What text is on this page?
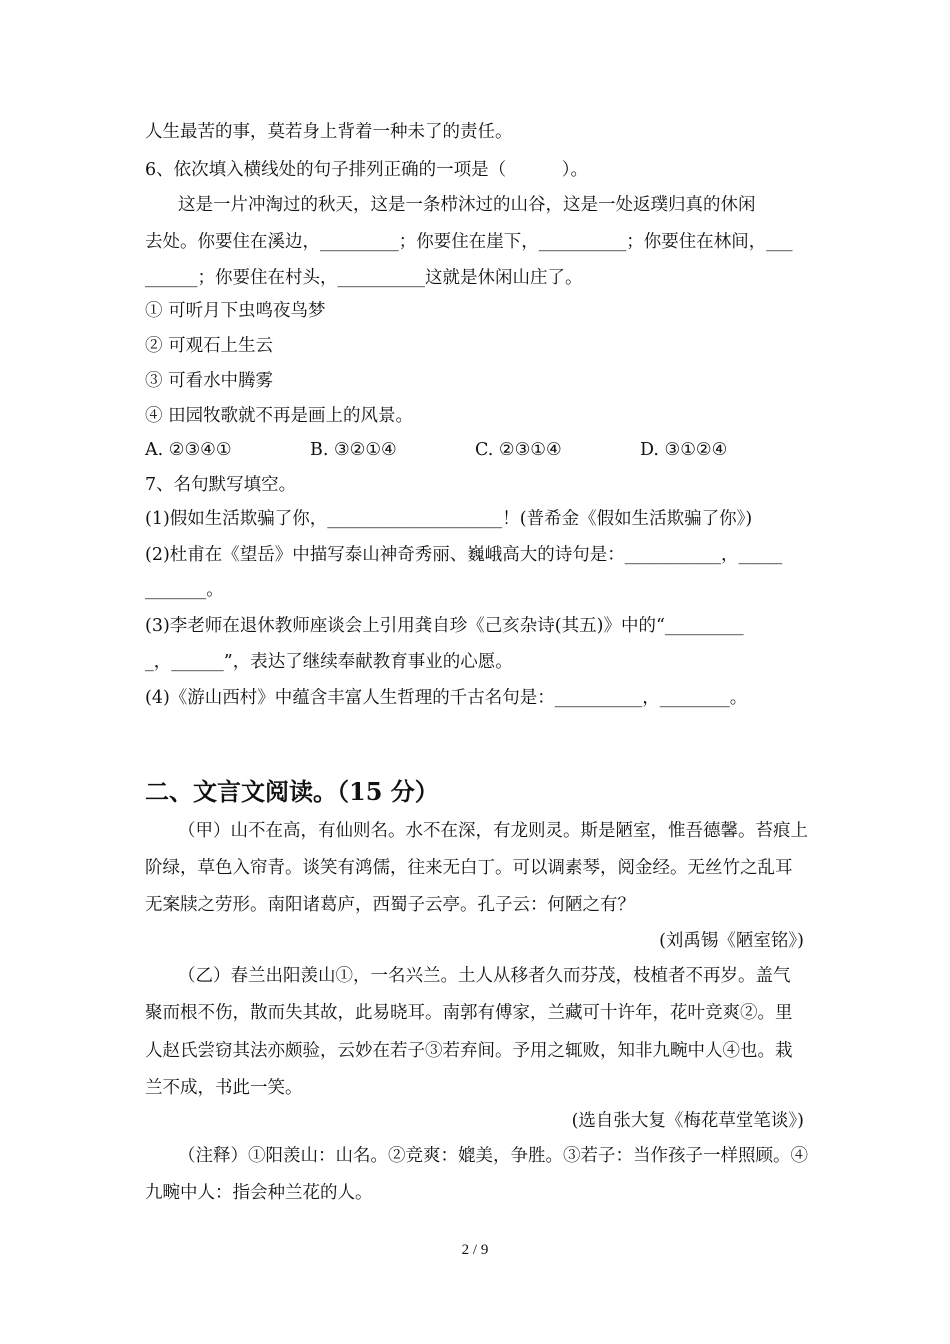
人生最苦的事，莫若身上背着一种未了的责任。
6、依次填入横线处的句子排列正确的一项是（          ）。
这是一片冲淘过的秋天，这是一条栉沐过的山谷，这是一处返璞归真的休闲
去处。你要住在溪边，_________；你要住在崖下，__________；你要住在林间，___
______；你要住在村头，__________这就是休闲山庄了。
① 可听月下虫鸣夜鸟梦
② 可观石上生云
③ 可看水中腾雾
④ 田园牧歌就不再是画上的风景。
A. ②③④①	B. ③②①④	C. ②③①④	D. ③①②④
7、名句默写填空。
(1)假如生活欺骗了你，____________________！(普希金《假如生活欺骗了你》)
(2)杜甫在《望岳》中描写泰山神奇秀丽、巍峨高大的诗句是：___________，_____
_______。
(3)李老师在退休教师座谈会上引用龚自珍《己亥杂诗(其五)》中的“_________
_，______”，表达了继续奉献教育事业的心愿。
(4)《游山西村》中蕴含丰富人生哲理的千古名句是：__________，________。
二、文言文阅读。（15 分）
（甲）山不在高，有仙则名。水不在深，有龙则灵。斯是陋室，惟吾德馨。苔痕上
阶绿，草色入帘青。谈笑有鸿儒，往来无白丁。可以调素琴，阅金经。无丝竹之乱耳
无案牍之劳形。南阳诸葛庐，西蜀子云亭。孔子云：何陋之有？
(刘禹锡《陋室铭》)
（乙）春兰出阳羡山①，一名兴兰。土人从移者久而芬茂，枝植者不再岁。盖气
聚而根不伤，散而失其故，此易晓耳。南郭有傅家，兰藏可十许年，花叶竞爽②。里
人赵氏尝窃其法亦颇验，云妙在若子③若弃间。予用之辄败，知非九畹中人④也。栽
兰不成，书此一笑。
(选自张大复《梅花草堂笔谈》)
（注释）①阳羡山：山名。②竞爽：媲美，争胜。③若子：当作孩子一样照顾。④
九畹中人：指会种兰花的人。
2 / 9
